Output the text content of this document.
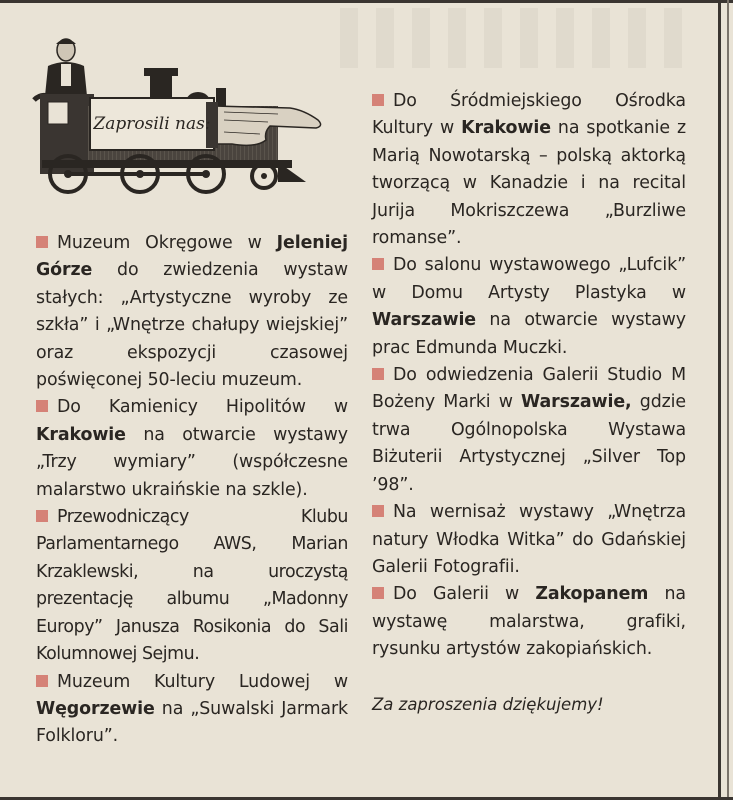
Zaprosili nas:

Muzeum Okręgowe w Jeleniej Górze do zwiedzenia wystaw stałych: „Artystyczne wyroby ze szkła” i „Wnętrze chałupy wiejskiej” oraz ekspozycji czasowej poświęconej 50-leciu muzeum.

Do Kamienicy Hipolitów w Krakowie na otwarcie wystawy „Trzy wymiary” (współczesne malarstwo ukraińskie na szkle).

Przewodniczący Klubu Parlamentarnego AWS, Marian Krzaklewski, na uroczystą prezentację albumu „Madonny Europy” Janusza Rosikonia do Sali Kolumnowej Sejmu.

Muzeum Kultury Ludowej w Węgorzewie na „Suwalski Jarmark Folkloru”.

Do Śródmiejskiego Ośrodka Kultury w Krakowie na spotkanie z Marią Nowotarską – polską aktorką tworzącą w Kanadzie i na recital Jurija Mokriszczewa „Burzliwe romanse”.

Do salonu wystawowego „Lufcik” w Domu Artysty Plastyka w Warszawie na otwarcie wystawy prac Edmunda Muczki.

Do odwiedzenia Galerii Studio M Bożeny Marki w Warszawie, gdzie trwa Ogólnopolska Wystawa Biżuterii Artystycznej „Silver Top ’98”.

Na wernisaż wystawy „Wnętrza natury Włodka Witka” do Gdańskiej Galerii Fotografii.

Do Galerii w Zakopanem na wystawę malarstwa, grafiki, rysunku artystów zakopiańskich.

Za zaproszenia dziękujemy!
